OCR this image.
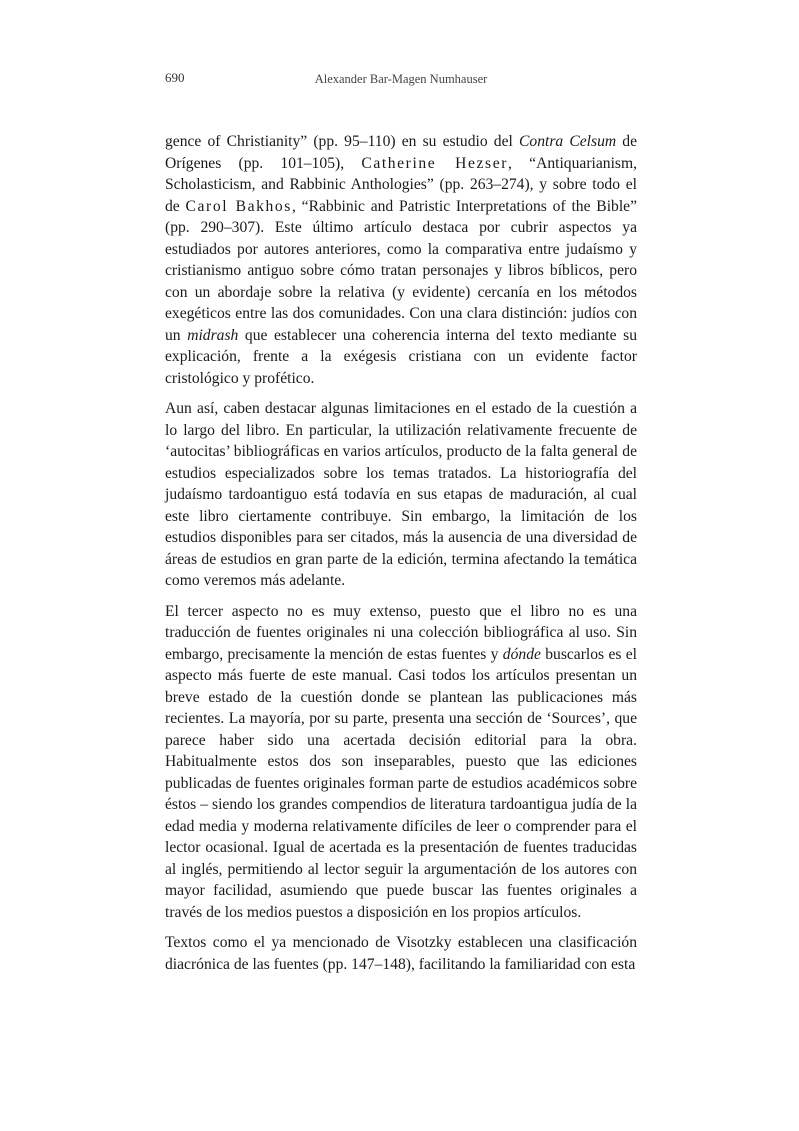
690	Alexander Bar-Magen Numhauser

gence of Christianity” (pp. 95–110) en su estudio del Contra Celsum de Orígenes (pp. 101–105), Catherine Hezser, “Antiquarianism, Scholasticism, and Rabbinic Anthologies” (pp. 263–274), y sobre todo el de Carol Bakhos, “Rabbinic and Patristic Interpretations of the Bible” (pp. 290–307). Este último artículo destaca por cubrir aspectos ya estudiados por autores anteriores, como la comparativa entre judaísmo y cristianismo antiguo sobre cómo tratan personajes y libros bíblicos, pero con un abordaje sobre la relativa (y evidente) cercanía en los métodos exegéticos entre las dos comunidades. Con una clara distinción: judíos con un midrash que establecer una coherencia interna del texto mediante su explicación, frente a la exégesis cristiana con un evidente factor cristológico y profético.

Aun así, caben destacar algunas limitaciones en el estado de la cuestión a lo largo del libro. En particular, la utilización relativamente frecuente de ‘autocitas’ bibliográficas en varios artículos, producto de la falta general de estudios especializados sobre los temas tratados. La historiografía del judaísmo tardoantiguo está todavía en sus etapas de maduración, al cual este libro ciertamente contribuye. Sin embargo, la limitación de los estudios disponibles para ser citados, más la ausencia de una diversidad de áreas de estudios en gran parte de la edición, termina afectando la temática como veremos más adelante.

El tercer aspecto no es muy extenso, puesto que el libro no es una traducción de fuentes originales ni una colección bibliográfica al uso. Sin embargo, precisamente la mención de estas fuentes y dónde buscarlos es el aspecto más fuerte de este manual. Casi todos los artículos presentan un breve estado de la cuestión donde se plantean las publicaciones más recientes. La mayoría, por su parte, presenta una sección de ‘Sources’, que parece haber sido una acertada decisión editorial para la obra. Habitualmente estos dos son inseparables, puesto que las ediciones publicadas de fuentes originales forman parte de estudios académicos sobre éstos – siendo los grandes compendios de literatura tardoantigua judía de la edad media y moderna relativamente difíciles de leer o comprender para el lector ocasional. Igual de acertada es la presentación de fuentes traducidas al inglés, permitiendo al lector seguir la argumentación de los autores con mayor facilidad, asumiendo que puede buscar las fuentes originales a través de los medios puestos a disposición en los propios artículos.

Textos como el ya mencionado de Visotzky establecen una clasificación diacrónica de las fuentes (pp. 147–148), facilitando la familiaridad con esta
